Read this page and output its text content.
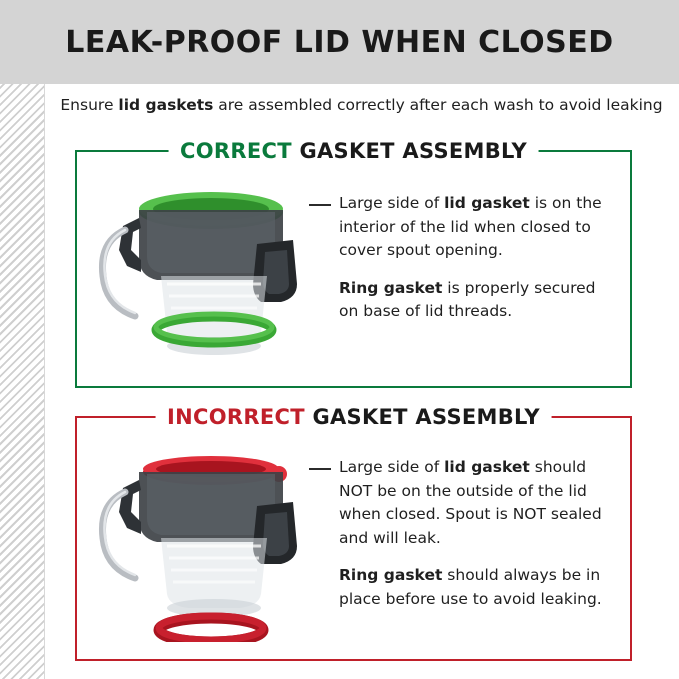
LEAK-PROOF LID WHEN CLOSED
Ensure lid gaskets are assembled correctly after each wash to avoid leaking
CORRECT GASKET ASSEMBLY

Large side of lid gasket is on the interior of the lid when closed to cover spout opening.

Ring gasket is properly secured on base of lid threads.

INCORRECT GASKET ASSEMBLY

Large side of lid gasket should NOT be on the outside of the lid when closed. Spout is NOT sealed and will leak.

Ring gasket should always be in place before use to avoid leaking.
